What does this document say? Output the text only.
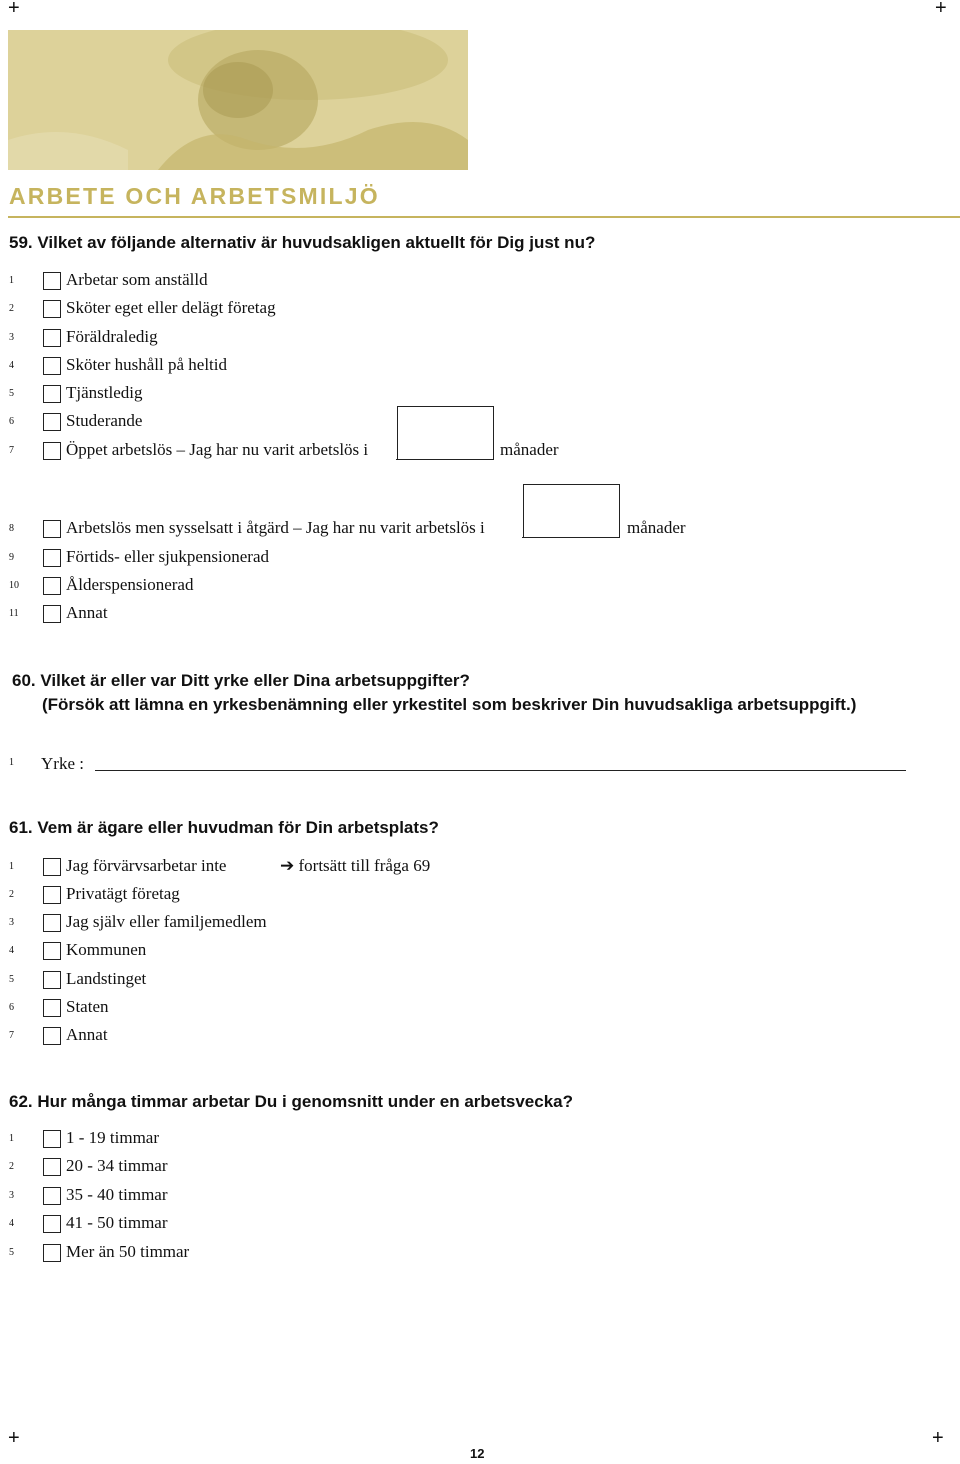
+	+
+	+
ARBETE OCH ARBETSMILJÖ
59. Vilket av följande alternativ är huvudsakligen aktuellt för Dig just nu?
1	Arbetar som anställd
2	Sköter eget eller delägt företag
3	Föräldraledig
4	Sköter hushåll på heltid
5	Tjänstledig
6	Studerande
7	Öppet arbetslös – Jag har nu varit arbetslös i	månader
8	Arbetslös men sysselsatt i åtgärd – Jag har nu varit arbetslös i	månader
9	Förtids- eller sjukpensionerad
10	Ålderspensionerad
11	Annat
60. Vilket är eller var Ditt yrke eller Dina arbetsuppgifter?
(Försök att lämna en yrkesbenämning eller yrkestitel som beskriver Din huvudsakliga arbetsuppgift.)
1 Yrke :
61. Vem är ägare eller huvudman för Din arbetsplats?
1	Jag förvärvsarbetar inte	➔ fortsätt till fråga 69
2	Privatägt företag
3	Jag själv eller familjemedlem
4	Kommunen
5	Landstinget
6	Staten
7	Annat
62. Hur många timmar arbetar Du i genomsnitt under en arbetsvecka?
1	1 - 19 timmar
2	20 - 34 timmar
3	35 - 40 timmar
4	41 - 50 timmar
5	Mer än 50 timmar
12
